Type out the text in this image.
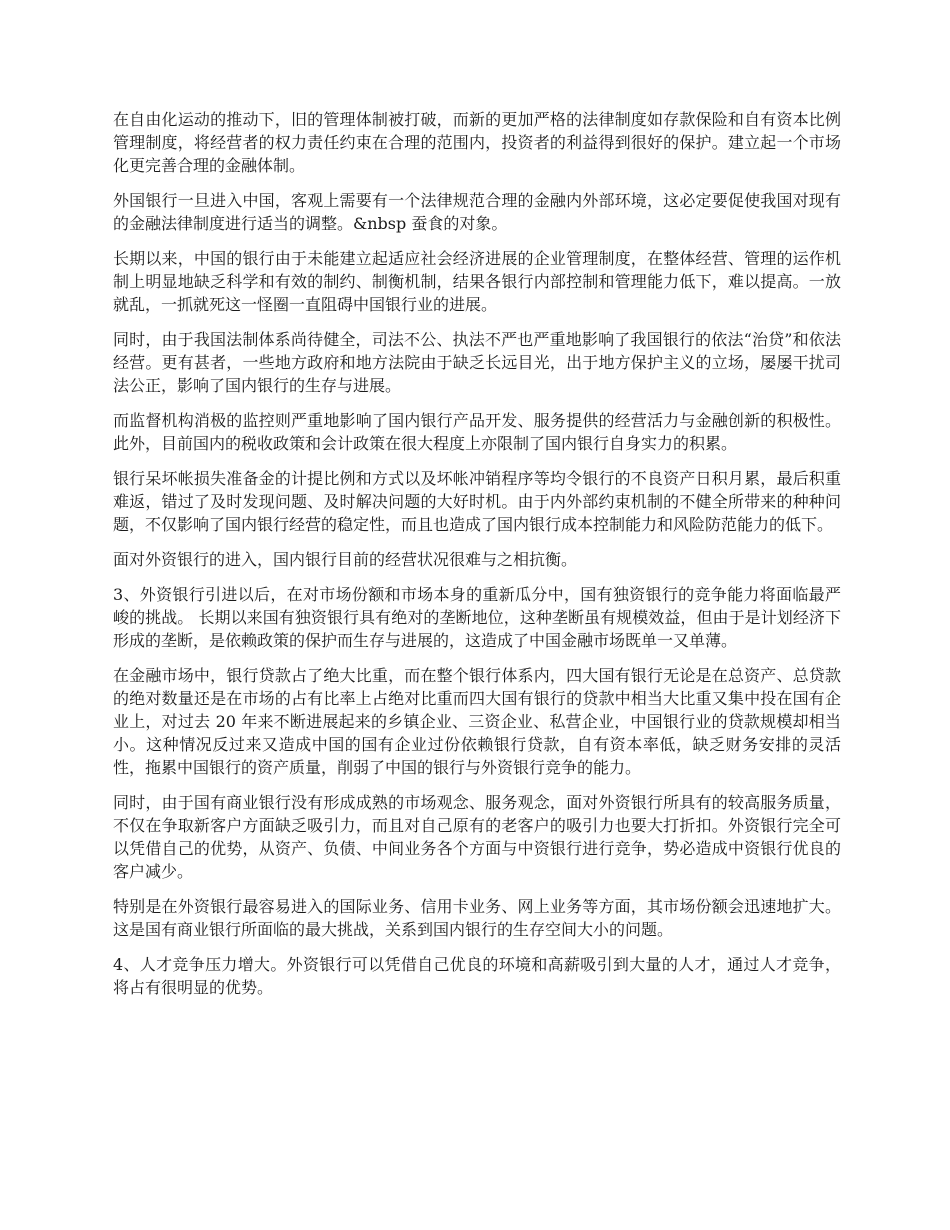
在自由化运动的推动下，旧的管理体制被打破，而新的更加严格的法律制度如存款保险和自有资本比例管理制度，将经营者的权力责任约束在合理的范围内，投资者的利益得到很好的保护。建立起一个市场化更完善合理的金融体制。

外国银行一旦进入中国，客观上需要有一个法律规范合理的金融内外部环境，这必定要促使我国对现有的金融法律制度进行适当的调整。&nbsp 蚕食的对象。

长期以来，中国的银行由于未能建立起适应社会经济进展的企业管理制度，在整体经营、管理的运作机制上明显地缺乏科学和有效的制约、制衡机制，结果各银行内部控制和管理能力低下，难以提高。一放就乱，一抓就死这一怪圈一直阻碍中国银行业的进展。

同时，由于我国法制体系尚待健全，司法不公、执法不严也严重地影响了我国银行的依法“治贷”和依法经营。更有甚者，一些地方政府和地方法院由于缺乏长远目光，出于地方保护主义的立场，屡屡干扰司法公正，影响了国内银行的生存与进展。

而监督机构消极的监控则严重地影响了国内银行产品开发、服务提供的经营活力与金融创新的积极性。此外，目前国内的税收政策和会计政策在很大程度上亦限制了国内银行自身实力的积累。

银行呆坏帐损失准备金的计提比例和方式以及坏帐冲销程序等均令银行的不良资产日积月累，最后积重难返，错过了及时发现问题、及时解决问题的大好时机。由于内外部约束机制的不健全所带来的种种问题，不仅影响了国内银行经营的稳定性，而且也造成了国内银行成本控制能力和风险防范能力的低下。

面对外资银行的进入，国内银行目前的经营状况很难与之相抗衡。

3、外资银行引进以后，在对市场份额和市场本身的重新瓜分中，国有独资银行的竞争能力将面临最严峻的挑战。 长期以来国有独资银行具有绝对的垄断地位，这种垄断虽有规模效益，但由于是计划经济下形成的垄断，是依赖政策的保护而生存与进展的，这造成了中国金融市场既单一又单薄。

在金融市场中，银行贷款占了绝大比重，而在整个银行体系内，四大国有银行无论是在总资产、总贷款的绝对数量还是在市场的占有比率上占绝对比重而四大国有银行的贷款中相当大比重又集中投在国有企业上，对过去 20 年来不断进展起来的乡镇企业、三资企业、私营企业，中国银行业的贷款规模却相当小。这种情况反过来又造成中国的国有企业过份依赖银行贷款，自有资本率低，缺乏财务安排的灵活性，拖累中国银行的资产质量，削弱了中国的银行与外资银行竞争的能力。

同时，由于国有商业银行没有形成成熟的市场观念、服务观念，面对外资银行所具有的较高服务质量，不仅在争取新客户方面缺乏吸引力，而且对自己原有的老客户的吸引力也要大打折扣。外资银行完全可以凭借自己的优势，从资产、负债、中间业务各个方面与中资银行进行竞争，势必造成中资银行优良的客户减少。

特别是在外资银行最容易进入的国际业务、信用卡业务、网上业务等方面，其市场份额会迅速地扩大。这是国有商业银行所面临的最大挑战，关系到国内银行的生存空间大小的问题。

4、人才竞争压力增大。外资银行可以凭借自己优良的环境和高薪吸引到大量的人才，通过人才竞争，将占有很明显的优势。
